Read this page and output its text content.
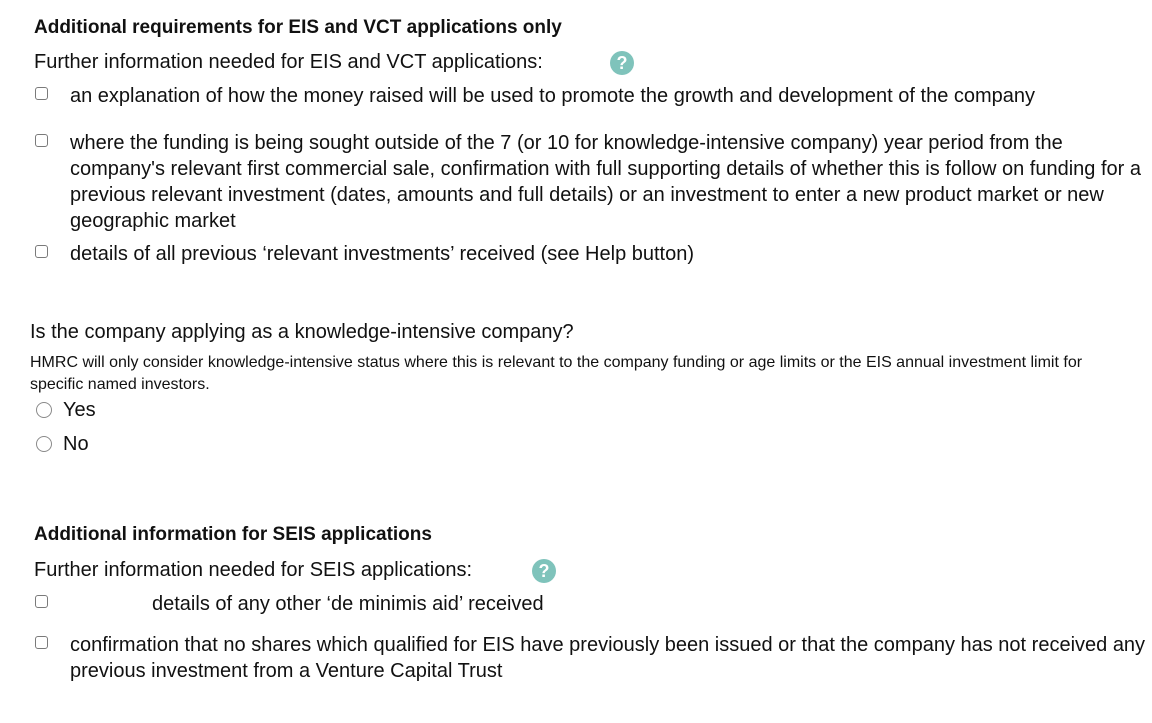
Additional requirements for EIS and VCT applications only
Further information needed for EIS and VCT applications:	?
an explanation of how the money raised will be used to promote the growth and development of the company
where the funding is being sought outside of the 7 (or 10 for knowledge-intensive company) year period from the company's relevant first commercial sale, confirmation with full supporting details of whether this is follow on funding for a previous relevant investment (dates, amounts and full details) or an investment to enter a new product market or new geographic market
details of all previous ‘relevant investments’ received (see Help button)
Is the company applying as a knowledge-intensive company?
HMRC will only consider knowledge-intensive status where this is relevant to the company funding or age limits or the EIS annual investment limit for specific named investors.
Yes
No
Additional information for SEIS applications
Further information needed for SEIS applications:	?
details of any other ‘de minimis aid’ received
confirmation that no shares which qualified for EIS have previously been issued or that the company has not received any previous investment from a Venture Capital Trust
